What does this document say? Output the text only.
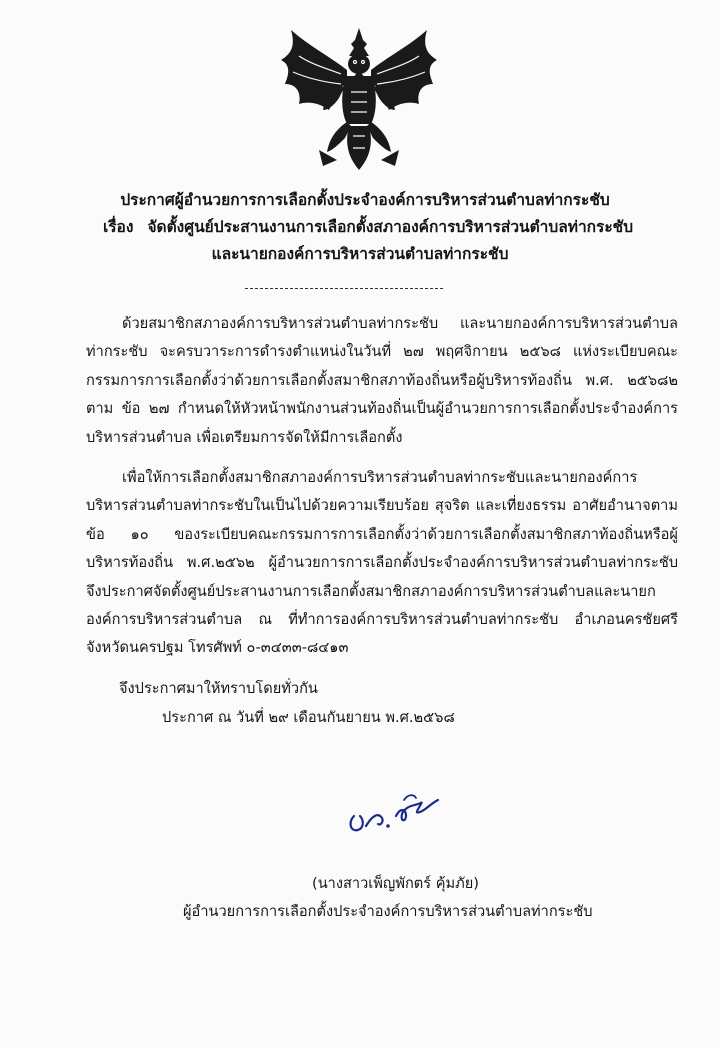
ประกาศผู้อำนวยการการเลือกตั้งประจำองค์การบริหารส่วนตำบลท่ากระชับ
เรื่อง จัดตั้งศูนย์ประสานงานการเลือกตั้งสภาองค์การบริหารส่วนตำบลท่ากระชับ
และนายกองค์การบริหารส่วนตำบลท่ากระชับ

ด้วยสมาชิกสภาองค์การบริหารส่วนตำบลท่ากระชับ และนายกองค์การบริหารส่วนตำบลท่ากระชับ จะครบวาระการดำรงตำแหน่งในวันที่ ๒๗ พฤศจิกายน ๒๕๖๘ แห่งระเบียบคณะกรรมการการเลือกตั้งว่าด้วยการเลือกตั้งสมาชิกสภาท้องถิ่นหรือผู้บริหารท้องถิ่น พ.ศ. ๒๕๖๘๒ ตาม ข้อ ๒๗ กำหนดให้หัวหน้าพนักงานส่วนท้องถิ่นเป็นผู้อำนวยการการเลือกตั้งประจำองค์การบริหารส่วนตำบล เพื่อเตรียมการจัดให้มีการเลือกตั้ง

เพื่อให้การเลือกตั้งสมาชิกสภาองค์การบริหารส่วนตำบลท่ากระชับและนายกองค์การบริหารส่วนตำบลท่ากระชับในเป็นไปด้วยความเรียบร้อย สุจริต และเที่ยงธรรม อาศัยอำนาจตาม ข้อ ๑๐ ของระเบียบคณะกรรมการการเลือกตั้งว่าด้วยการเลือกตั้งสมาชิกสภาท้องถิ่นหรือผู้บริหารท้องถิ่น พ.ศ.๒๕๖๒ ผู้อำนวยการการเลือกตั้งประจำองค์การบริหารส่วนตำบลท่ากระชับ จึงประกาศจัดตั้งศูนย์ประสานงานการเลือกตั้งสมาชิกสภาองค์การบริหารส่วนตำบลและนายกองค์การบริหารส่วนตำบล ณ ที่ทำการองค์การบริหารส่วนตำบลท่ากระชับ อำเภอนครชัยศรี จังหวัดนครปฐม โทรศัพท์ ๐-๓๔๓๓-๘๔๑๓

จึงประกาศมาให้ทราบโดยทั่วกัน
ประกาศ ณ วันที่ ๒๙ เดือนกันยายน พ.ศ.๒๕๖๘
(นางสาวเพ็ญพักตร์ คุ้มภัย)
ผู้อำนวยการการเลือกตั้งประจำองค์การบริหารส่วนตำบลท่ากระชับ
